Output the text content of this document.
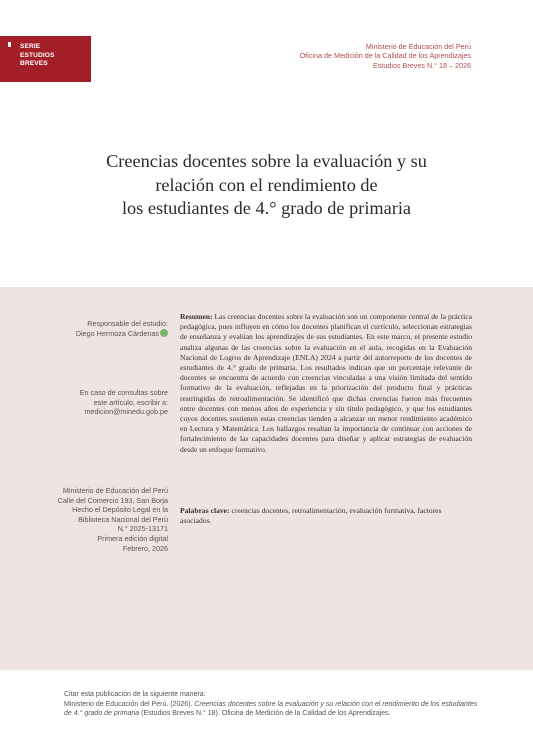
SERIE
ESTUDIOS
BREVES
Ministerio de Educación del Perú
Oficina de Medición de la Calidad de los Aprendizajes
Estudios Breves N.° 18 – 2026
Creencias docentes sobre la evaluación y su
relación con el rendimiento de
los estudiantes de 4.° grado de primaria
Responsable del estudio:
Diego Hermoza Cárdenas
En caso de consultas sobre
este artículo, escribir a:
medicion@minedu.gob.pe
Ministerio de Educación del Perú
Calle del Comercio 193, San Borja
Hecho el Depósito Legal en la
Biblioteca Nacional del Perú
N.° 2025-13171
Primera edición digital
Febrero, 2026
Resumen: Las creencias docentes sobre la evaluación son un componente central de la práctica pedagógica, pues influyen en cómo los docentes planifican el currículo, seleccionan estrategias de enseñanza y evalúan los aprendizajes de sus estudiantes. En este marco, el presente estudio analiza algunas de las creencias sobre la evaluación en el aula, recogidas en la Evaluación Nacional de Logros de Aprendizaje (ENLA) 2024 a partir del autorreporte de los docentes de estudiantes de 4.° grado de primaria. Los resultados indican que un porcentaje relevante de docentes se encuentra de acuerdo con creencias vinculadas a una visión limitada del sentido formativo de la evaluación, reflejadas en la priorización del producto final y prácticas restringidas de retroalimentación. Se identificó que dichas creencias fueron más frecuentes entre docentes con menos años de experiencia y sin título pedagógico, y que los estudiantes cuyos docentes sostienen estas creencias tienden a alcanzar un menor rendimiento académico en Lectura y Matemática. Los hallazgos resaltan la importancia de continuar con acciones de fortalecimiento de las capacidades docentes para diseñar y aplicar estrategias de evaluación desde un enfoque formativo.
Palabras clave: creencias docentes, retroalimentación, evaluación formativa, factores asociados.
Citar esta publicación de la siguiente manera:
Ministerio de Educación del Perú. (2026). Creencias docentes sobre la evaluación y su relación con el rendimiento de los estudiantes de 4.° grado de primaria (Estudios Breves N.° 18). Oficina de Medición de la Calidad de los Aprendizajes.
